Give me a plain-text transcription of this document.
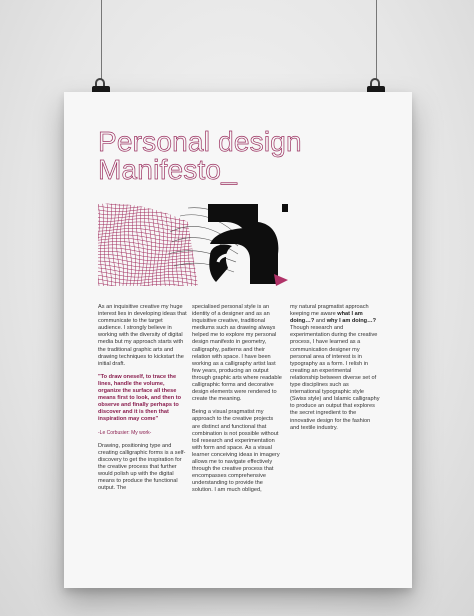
Personal design
Manifesto_

As an inquisitive creative my huge interest lies in developing ideas that communicate to the target audience. I strongly believe in working with the diversity of digital media but my approach starts with the traditional graphic arts and drawing techniques to kickstart the initial draft.

"To draw oneself, to trace the lines, handle the volume, organize the surface all these means first to look, and then to observe and finally perhaps to discover and it is then that inspiration may come"

-Le Corbusier: My work-

Drawing, positioning type and creating calligraphic forms is a self-discovery to get the inspiration for the creative process that further would polish up with the digital means to produce the functional output. The

specialised personal style is an identity of a designer and as an inquisitive creative, traditional mediums such as drawing always helped me to explore my personal design manifesto in geometry, calligraphy, patterns and their relation with space. I have been working as a calligraphy artist last few years, producing an output through graphic arts where readable calligraphic forms and decorative design elements were rendered to create the meaning.

Being a visual pragmatist my approach to the creative projects are distinct and functional that combination is not possible without toil research and experimentation with form and space. As a visual learner conceiving ideas in imagery allows me to navigate effectively through the creative process that encompasses comprehensive understanding to provide the solution. I am much obliged,

my natural pragmatist approach keeping me aware what I am doing…? and why I am doing…? Though research and experimentation during the creative process, I have learned as a communication designer my personal area of interest is in typography as a form. I relish in creating an experimental relationship between diverse set of type disciplines such as international typographic style (Swiss style) and Islamic calligraphy to produce an output that explores the secret ingredient to the innovative design for the fashion and textile industry.
